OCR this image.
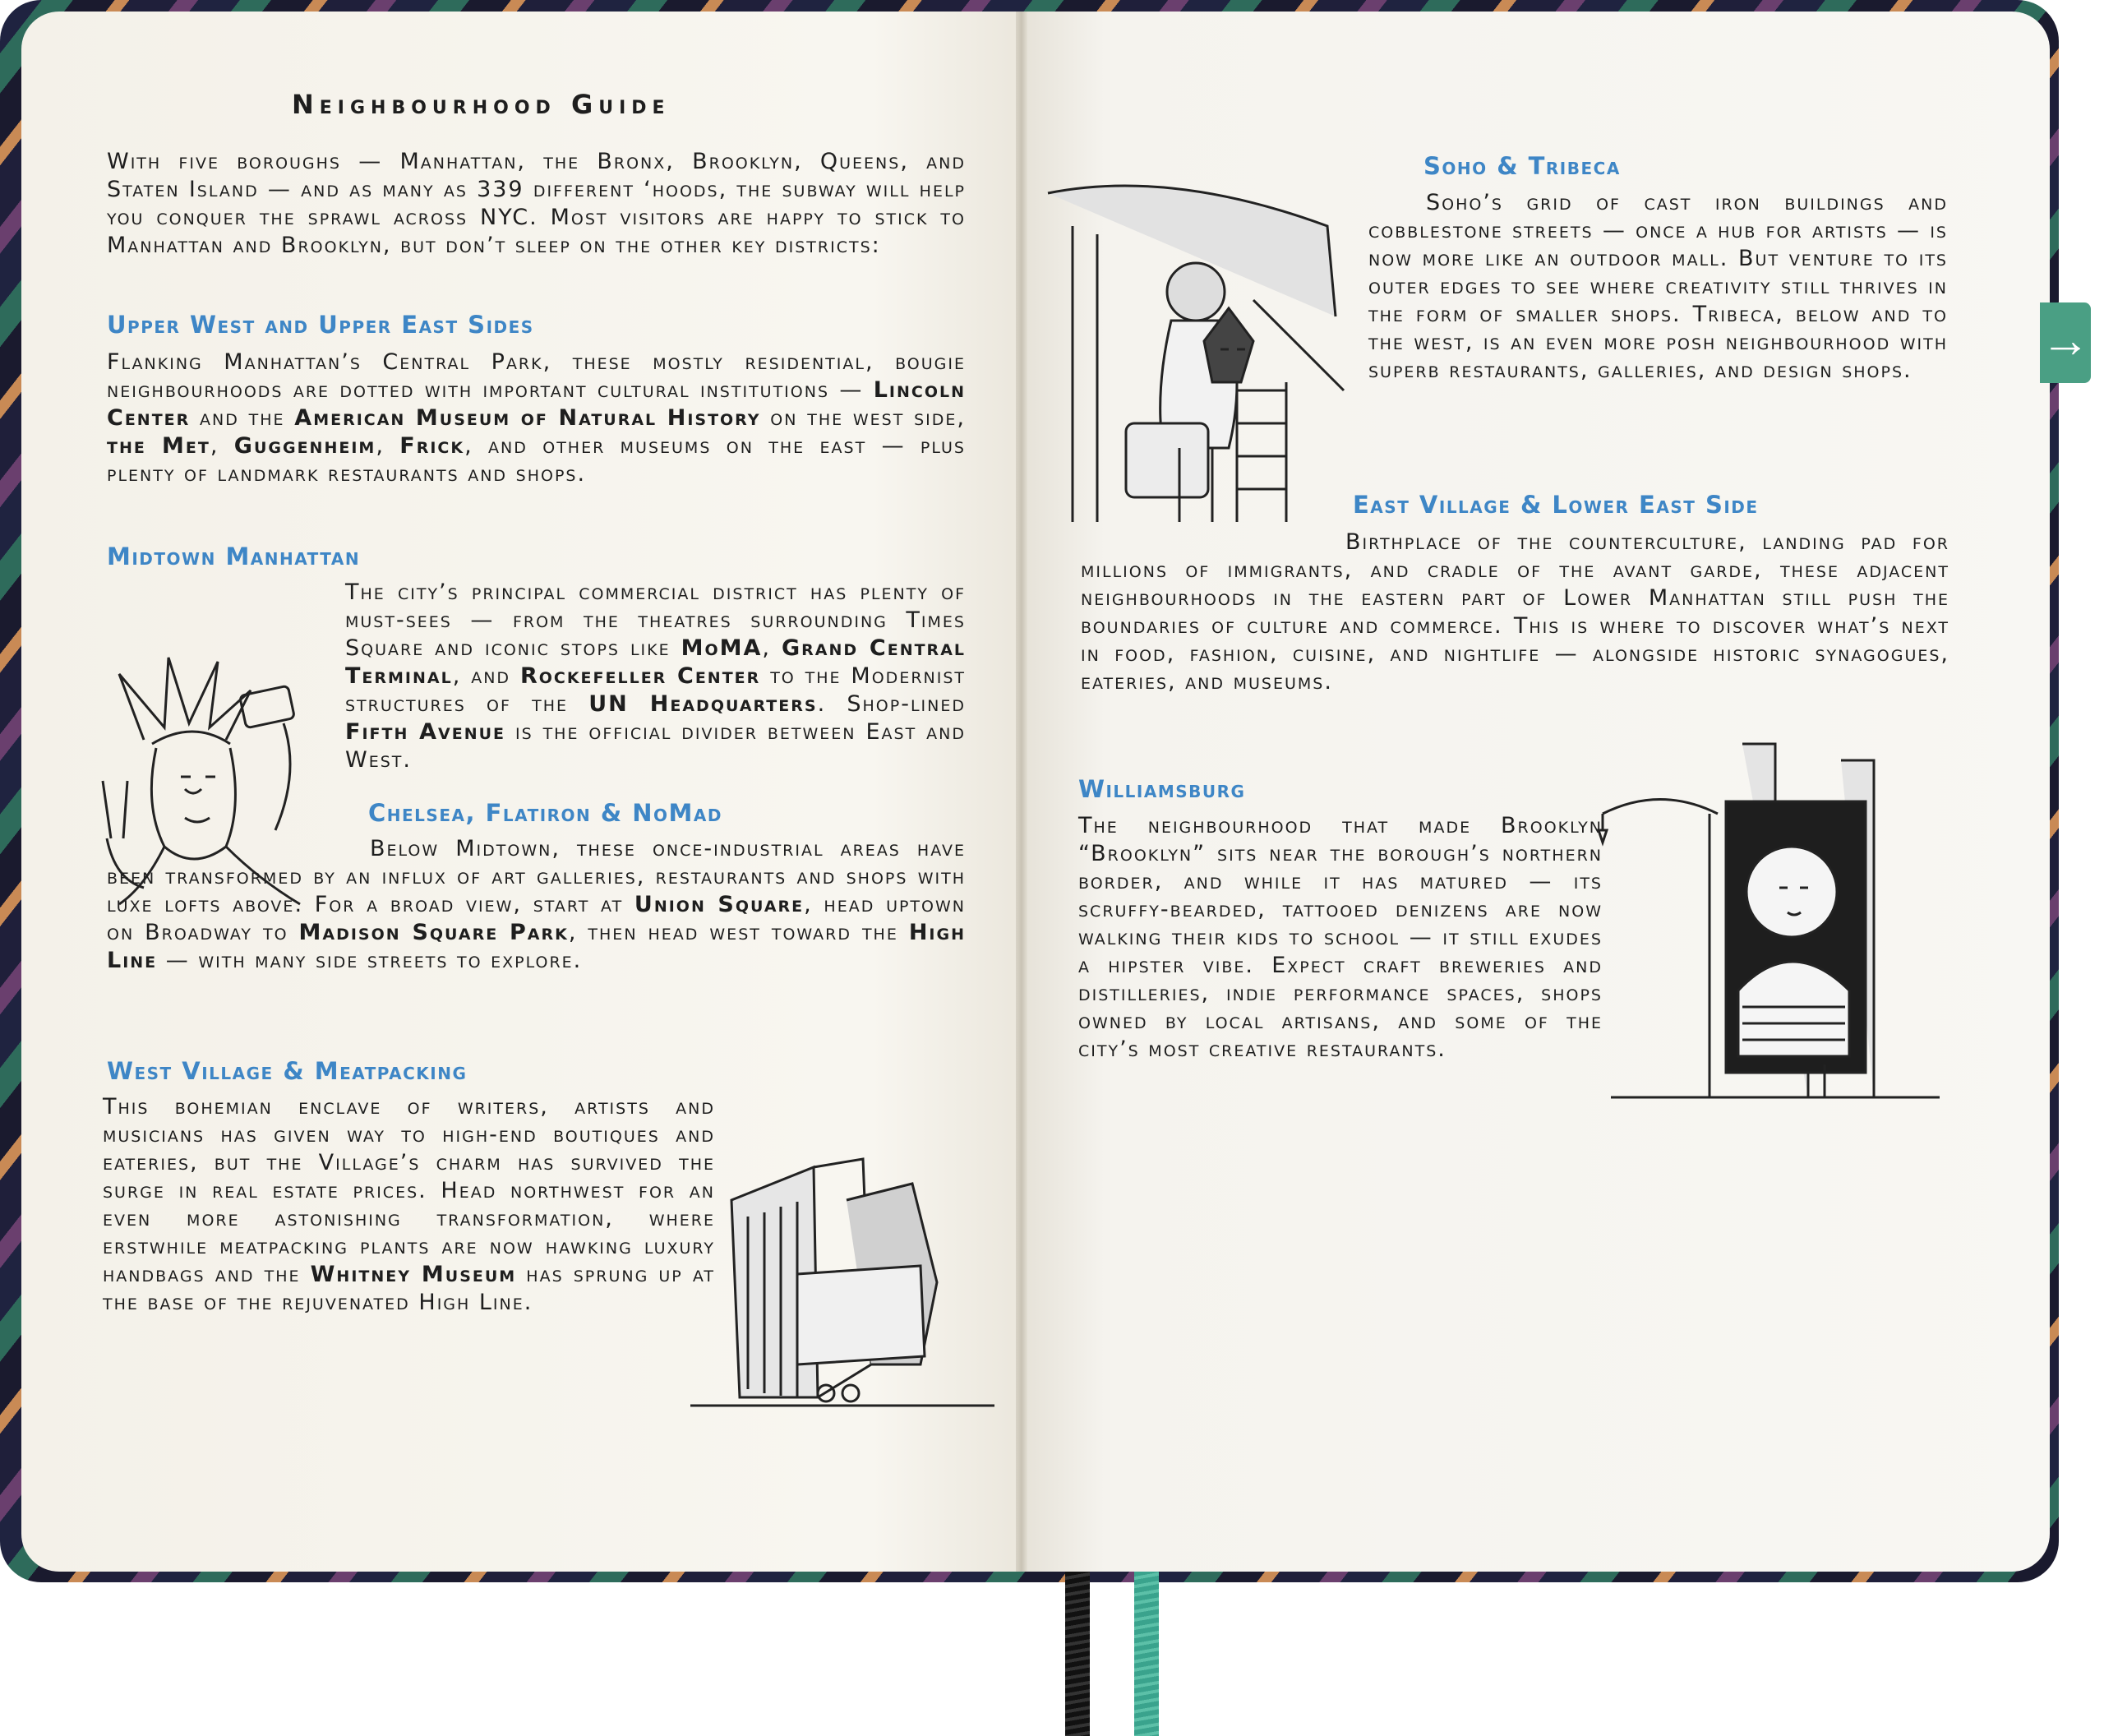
→
Neighbourhood Guide

With five boroughs — Manhattan, the Bronx, Brooklyn, Queens, and Staten Island — and as many as 339 different ‘hoods, the subway will help you conquer the sprawl across NYC. Most visitors are happy to stick to Manhattan and Brooklyn, but don’t sleep on the other key districts:

Upper West and Upper East Sides

Flanking Manhattan’s Central Park, these mostly residential, bougie neighbourhoods are dotted with important cultural institutions — Lincoln Center and the American Museum of Natural History on the west side, the Met, Guggenheim, Frick, and other museums on the east — plus plenty of landmark restaurants and shops.

Midtown Manhattan

The city’s principal commercial district has plenty of must-sees — from the theatres surrounding Times Square and iconic stops like MoMA, Grand Central Terminal, and Rockefeller Center to the Modernist structures of the UN Headquarters. Shop-lined Fifth Avenue is the official divider between East and West.

Chelsea, Flatiron & NoMad

Below Midtown, these once-industrial areas have been transformed by an influx of art galleries, restaurants and shops with luxe lofts above. For a broad view, start at Union Square, head uptown on Broadway to Madison Square Park, then head west toward the High Line — with many side streets to explore.

West Village & Meatpacking

This bohemian enclave of writers, artists and musicians has given way to high-end boutiques and eateries, but the Village’s charm has survived the surge in real estate prices. Head northwest for an even more astonishing transformation, where erstwhile meatpacking plants are now hawking luxury handbags and the Whitney Museum has sprung up at the base of the rejuvenated High Line.

Soho & Tribeca

Soho’s grid of cast iron buildings and cobblestone streets — once a hub for artists — is now more like an outdoor mall. But venture to its outer edges to see where creativity still thrives in the form of smaller shops. Tribeca, below and to the west, is an even more posh neighbourhood with superb restaurants, galleries, and design shops.

East Village & Lower East Side

Birthplace of the counterculture, landing pad for millions of immigrants, and cradle of the avant garde, these adjacent neighbourhoods in the eastern part of Lower Manhattan still push the boundaries of culture and commerce. This is where to discover what’s next in food, fashion, cuisine, and nightlife — alongside historic synagogues, eateries, and museums.

Williamsburg

The neighbourhood that made Brooklyn “Brooklyn” sits near the borough’s northern border, and while it has matured — its scruffy-bearded, tattooed denizens are now walking their kids to school — it still exudes a hipster vibe. Expect craft breweries and distilleries, indie performance spaces, shops owned by local artisans, and some of the city’s most creative restaurants.
